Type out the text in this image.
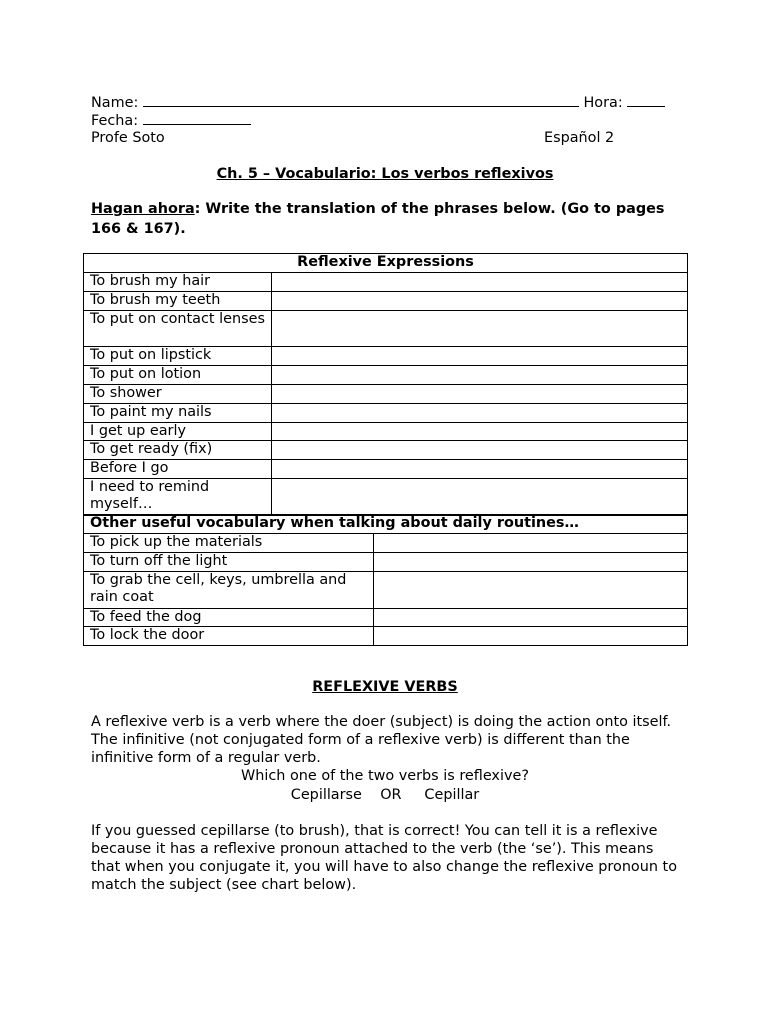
Name:	Hora:
Fecha:
Profe Soto	Español 2
Ch. 5 – Vocabulario: Los verbos reflexivos
Hagan ahora: Write the translation of the phrases below. (Go to pages 166 & 167).
Reflexive Expressions	
To brush my hair	
To brush my teeth	
To put on contact lenses	
To put on lipstick	
To put on lotion	
To shower	
To paint my nails	
I get up early	
To get ready (fix)	
Before I go	
I need to remind myself…	
Other useful vocabulary when talking about daily routines…	
To pick up the materials	
To turn off the light	
To grab the cell, keys, umbrella and rain coat	
To feed the dog	
To lock the door	
REFLEXIVE VERBS
A reflexive verb is a verb where the doer (subject) is doing the action onto itself. The infinitive (not conjugated form of a reflexive verb) is different than the infinitive form of a regular verb.
Which one of the two verbs is reflexive?
Cepillarse OR Cepillar
If you guessed cepillarse (to brush), that is correct! You can tell it is a reflexive because it has a reflexive pronoun attached to the verb (the ‘se’). This means that when you conjugate it, you will have to also change the reflexive pronoun to match the subject (see chart below).
